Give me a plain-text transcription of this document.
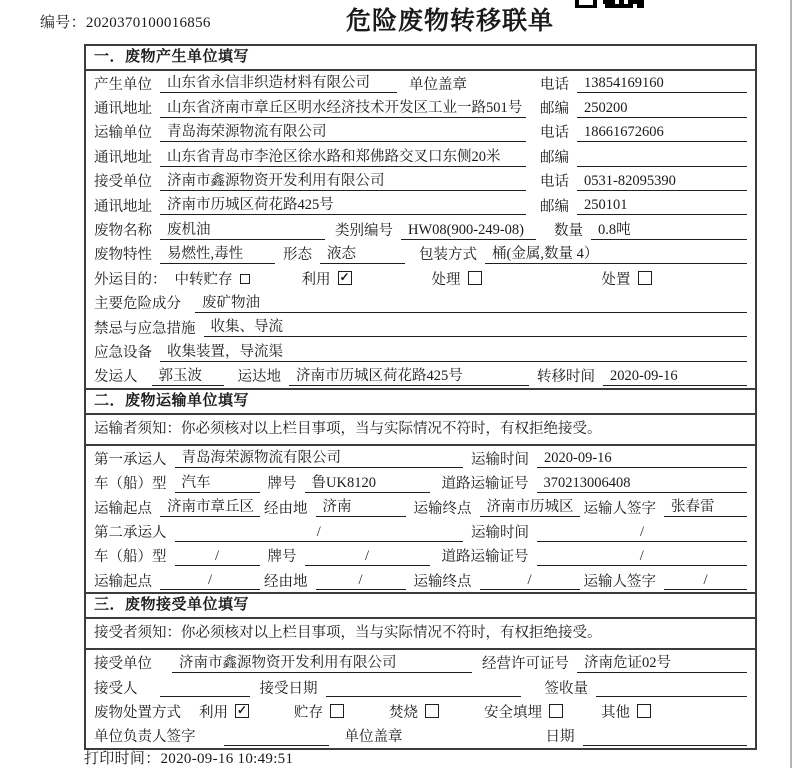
编号：2020370100016856	危险废物转移联单
一．废物产生单位填写
产生单位	山东省永信非织造材料有限公司	单位盖章	电话	13854169160
通讯地址	山东省济南市章丘区明水经济技术开发区工业一路501号 邮编	250200
运输单位	青岛海荣源物流有限公司	电话	18661672606
通讯地址	山东省青岛市李沧区徐水路和郑佛路交叉口东侧20米	邮编
接受单位	济南市鑫源物资开发利用有限公司	电话	0531-82095390
通讯地址	济南市历城区荷花路425号	邮编	250101
废物名称	废机油	类别编号	HW08(900-249-08)	数量	0.8吨
废物特性	易燃性,毒性	形态	液态	包装方式	桶(金属,数量 4）
外运目的： 中转贮存	利用 ✓	处理	处置
主要危险成分	废矿物油
禁忌与应急措施	收集、导流
应急设备	收集装置，导流渠
发运人	郭玉波	运达地	济南市历城区荷花路425号	转移时间	2020-09-16
二．废物运输单位填写
运输者须知：你必须核对以上栏目事项，当与实际情况不符时，有权拒绝接受。
第一承运人	青岛海荣源物流有限公司	运输时间	2020-09-16
车（船）型	汽车	牌号	鲁UK8120	道路运输证号	370213006408
运输起点	济南市章丘区 经由地	济南	运输终点	济南市历城区 运输人签字	张春雷
第二承运人	/	运输时间	/
车（船）型	/	牌号	/	道路运输证号	/
运输起点	/	经由地	/	运输终点	/	运输人签字	/
三．废物接受单位填写
接受者须知：你必须核对以上栏目事项，当与实际情况不符时，有权拒绝接受。
接受单位	济南市鑫源物资开发利用有限公司	经营许可证号	济南危证02号
接受人	接受日期	签收量
废物处置方式 利用 ✓	贮存	焚烧	安全填埋	其他
单位负责人签字	单位盖章	日期
打印时间：2020-09-16 10:49:51
